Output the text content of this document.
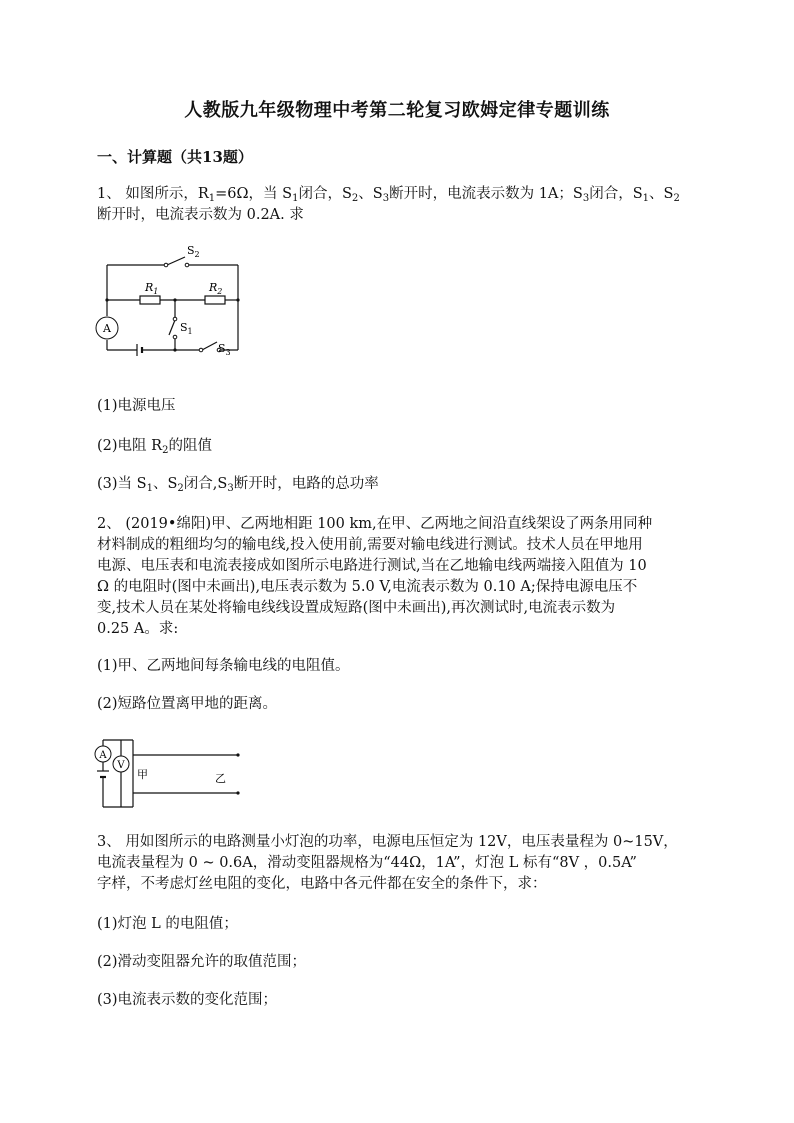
人教版九年级物理中考第二轮复习欧姆定律专题训练
一、计算题（共13题）

1、 如图所示，$R_1=6\Omega$，当 $S_1$闭合，$S_2$、$S_3$断开时，电流表示数为 1A；$S_3$闭合，$S_1$、$S_2$

断开时，电流表示数为 0.2A. 求

A
$S_2$
$R_1$	$R_2$
$S_1$
$S_3$

(1)电源电压

(2)电阻 $R_2$的阻值

(3)当 $S_1$、$S_2$闭合$,S_3$断开时，电路的总功率

2、 (2019•绵阳)甲、乙两地相距 100 km,在甲、乙两地之间沿直线架设了两条用同种

材料制成的粗细均匀的输电线,投入使用前,需要对输电线进行测试。技术人员在甲地用

电源、电压表和电流表接成如图所示电路进行测试,当在乙地输电线两端接入阻值为 10

Ω 的电阻时(图中未画出),电压表示数为 5.0 V,电流表示数为 0.10 A;保持电源电压不

变,技术人员在某处将输电线线设置成短路(图中未画出),再次测试时,电流表示数为

0.25 A。求:

(1)甲、乙两地间每条输电线的电阻值。

(2)短路位置离甲地的距离。

A
V
甲	乙

3、 用如图所示的电路测量小灯泡的功率，电源电压恒定为 12V，电压表量程为 0~15V，

电流表量程为 0 ~ 0.6A，滑动变阻器规格为“44Ω，1A”，灯泡 L 标有“8V ，0.5A”

字样，不考虑灯丝电阻的变化，电路中各元件都在安全的条件下，求：

(1)灯泡 L 的电阻值；

(2)滑动变阻器允许的取值范围；

(3)电流表示数的变化范围；
